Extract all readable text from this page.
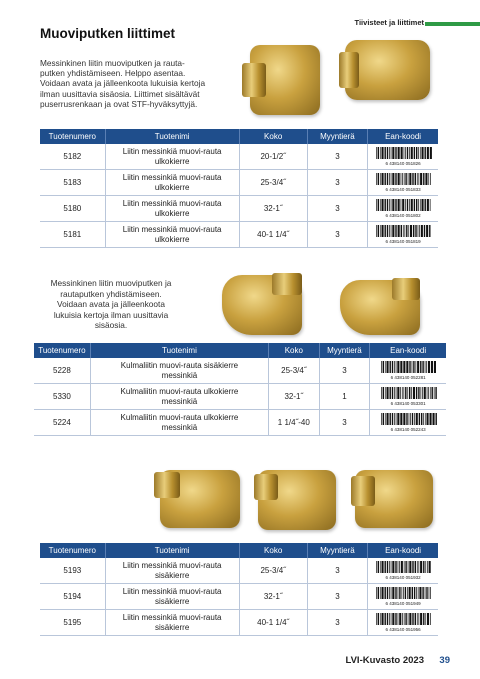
Tiivisteet ja liittimet
Muoviputken liittimet
Messinkinen liitin muoviputken ja rauta-
putken yhdistämiseen. Helppo asentaa.
Voidaan avata ja jälleenkoota lukuisia kertoja
ilman uusittavia sisäosia. Liittimet sisältävät
puserrusrenkaan ja ovat STF-hyväksyttyjä.
Tuotenumero	Tuotenimi	Koko	Myyntierä	Ean-koodi
5182	Liitin messinkiä muovi-rauta
ulkokierre	20-1/2˝	3	6 438140 051826

5183	Liitin messinkiä muovi-rauta
ulkokierre	25-3/4˝	3	6 438140 051833

5180	Liitin messinkiä muovi-rauta
ulkokierre	32-1˝	3	6 438140 051802

5181	Liitin messinkiä muovi-rauta
ulkokierre	40-1 1/4˝	3	6 438140 051819
Messinkinen liitin muoviputken ja
rautaputken yhdistämiseen.
Voidaan avata ja jälleenkoota
lukuisia kertoja ilman uusittavia
sisäosia.
Tuotenumero	Tuotenimi	Koko	Myyntierä	Ean-koodi
5228	Kulmaliitin muovi-rauta sisäkierre
messinkiä	25-3/4˝	3	6 438140 052281

5330	Kulmaliitin muovi-rauta ulkokierre
messinkiä	32-1˝	1	6 438140 053301

5224	Kulmaliitin muovi-rauta ulkokierre
messinkiä	1 1/4˝-40	3	6 438140 052243
Tuotenumero	Tuotenimi	Koko	Myyntierä	Ean-koodi
5193	Liitin messinkiä muovi-rauta
sisäkierre	25-3/4˝	3	6 438140 051932

5194	Liitin messinkiä muovi-rauta
sisäkierre	32-1˝	3	6 438140 051949

5195	Liitin messinkiä muovi-rauta
sisäkierre	40-1 1/4˝	3	6 438140 051956
LVI-Kuvasto 2023 39
